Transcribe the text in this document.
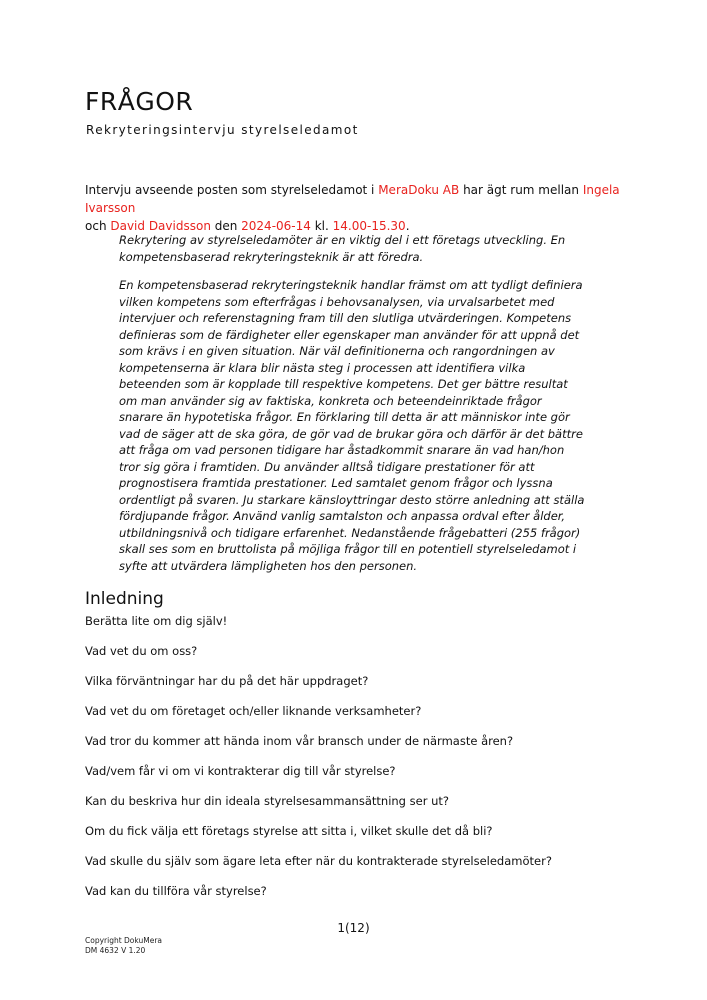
FRÅGOR

Rekryteringsintervju styrelseledamot

Intervju avseende posten som styrelseledamot i MeraDoku AB har ägt rum mellan Ingela Ivarsson
och David Davidsson den 2024-06-14 kl. 14.00-15.30.

Rekrytering av styrelseledamöter är en viktig del i ett företags utveckling. En kompetensbaserad rekryteringsteknik är att föredra.

En kompetensbaserad rekryteringsteknik handlar främst om att tydligt definiera vilken kompetens som efterfrågas i behovsanalysen, via urvalsarbetet med intervjuer och referenstagning fram till den slutliga utvärderingen. Kompetens definieras som de färdigheter eller egenskaper man använder för att uppnå det som krävs i en given situation. När väl definitionerna och rangordningen av kompetenserna är klara blir nästa steg i processen att identifiera vilka beteenden som är kopplade till respektive kompetens. Det ger bättre resultat om man använder sig av faktiska, konkreta och beteendeinriktade frågor snarare än hypotetiska frågor. En förklaring till detta är att människor inte gör vad de säger att de ska göra, de gör vad de brukar göra och därför är det bättre att fråga om vad personen tidigare har åstadkommit snarare än vad han/hon tror sig göra i framtiden. Du använder alltså tidigare prestationer för att prognostisera framtida prestationer. Led samtalet genom frågor och lyssna ordentligt på svaren. Ju starkare känsloyttringar desto större anledning att ställa fördjupande frågor. Använd vanlig samtalston och anpassa ordval efter ålder, utbildningsnivå och tidigare erfarenhet. Nedanstående frågebatteri (255 frågor) skall ses som en bruttolista på möjliga frågor till en potentiell styrelseledamot i syfte att utvärdera lämpligheten hos den personen.

Inledning
Berätta lite om dig själv!
Vad vet du om oss?
Vilka förväntningar har du på det här uppdraget?
Vad vet du om företaget och/eller liknande verksamheter?
Vad tror du kommer att hända inom vår bransch under de närmaste åren?
Vad/vem får vi om vi kontrakterar dig till vår styrelse?
Kan du beskriva hur din ideala styrelsesammansättning ser ut?
Om du fick välja ett företags styrelse att sitta i, vilket skulle det då bli?
Vad skulle du själv som ägare leta efter när du kontrakterade styrelseledamöter?
Vad kan du tillföra vår styrelse?
1(12)
Copyright DokuMera
DM 4632 V 1.20
